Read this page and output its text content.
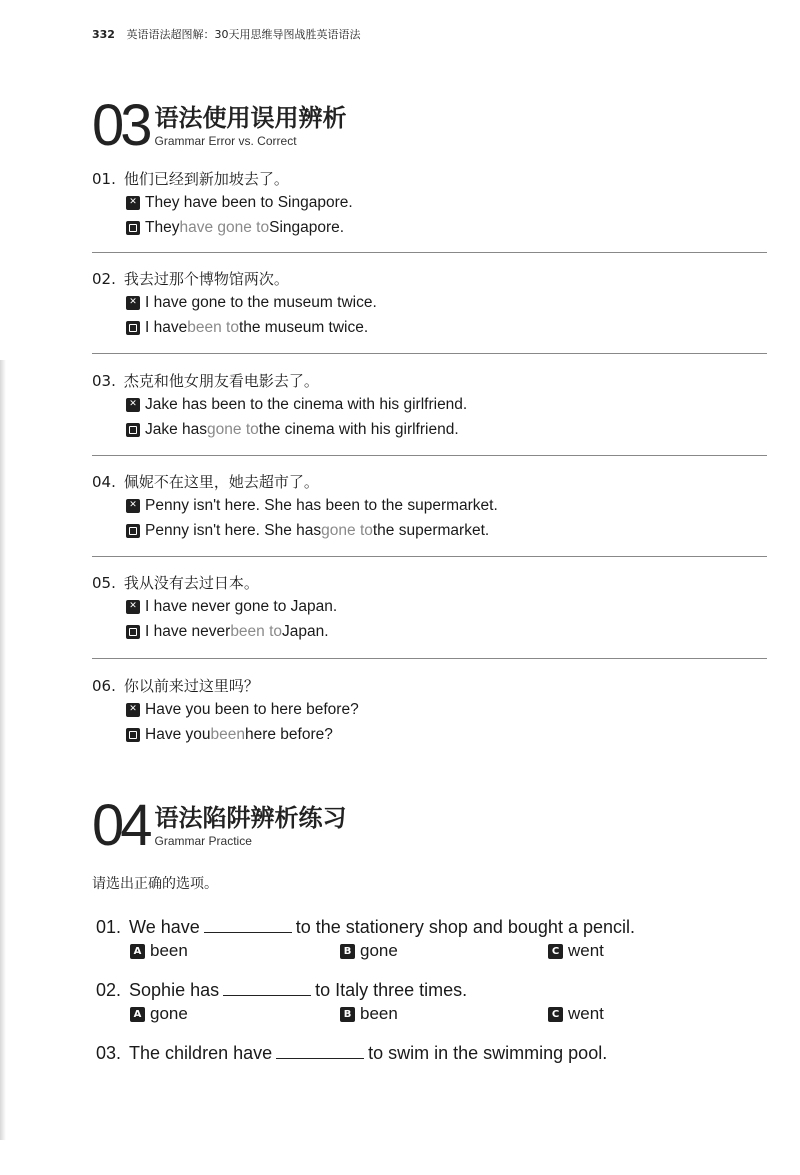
332 英语语法超图解：30天用思维导图战胜英语语法
03 语法使用误用辨析
Grammar Error vs. Correct
01. 他们已经到新加坡去了。
✕
They have been to Singapore.
They have gone to Singapore.
02. 我去过那个博物馆两次。
✕
I have gone to the museum twice.
I have been to the museum twice.
03. 杰克和他女朋友看电影去了。
✕
Jake has been to the cinema with his girlfriend.
Jake has gone to the cinema with his girlfriend.
04. 佩妮不在这里，她去超市了。
✕
Penny isn't here. She has been to the supermarket.
Penny isn't here. She has gone to the supermarket.
05. 我从没有去过日本。
✕
I have never gone to Japan.
I have never been to Japan.
06. 你以前来过这里吗？
✕
Have you been to here before?
Have you been here before?
04 语法陷阱辨析练习
Grammar Practice
请选出正确的选项。
01. We have	to the stationery shop and bought a pencil.
A been	B gone	C went
02. Sophie has	to Italy three times.
A gone	B been	C went
03. The children have	to swim in the swimming pool.
